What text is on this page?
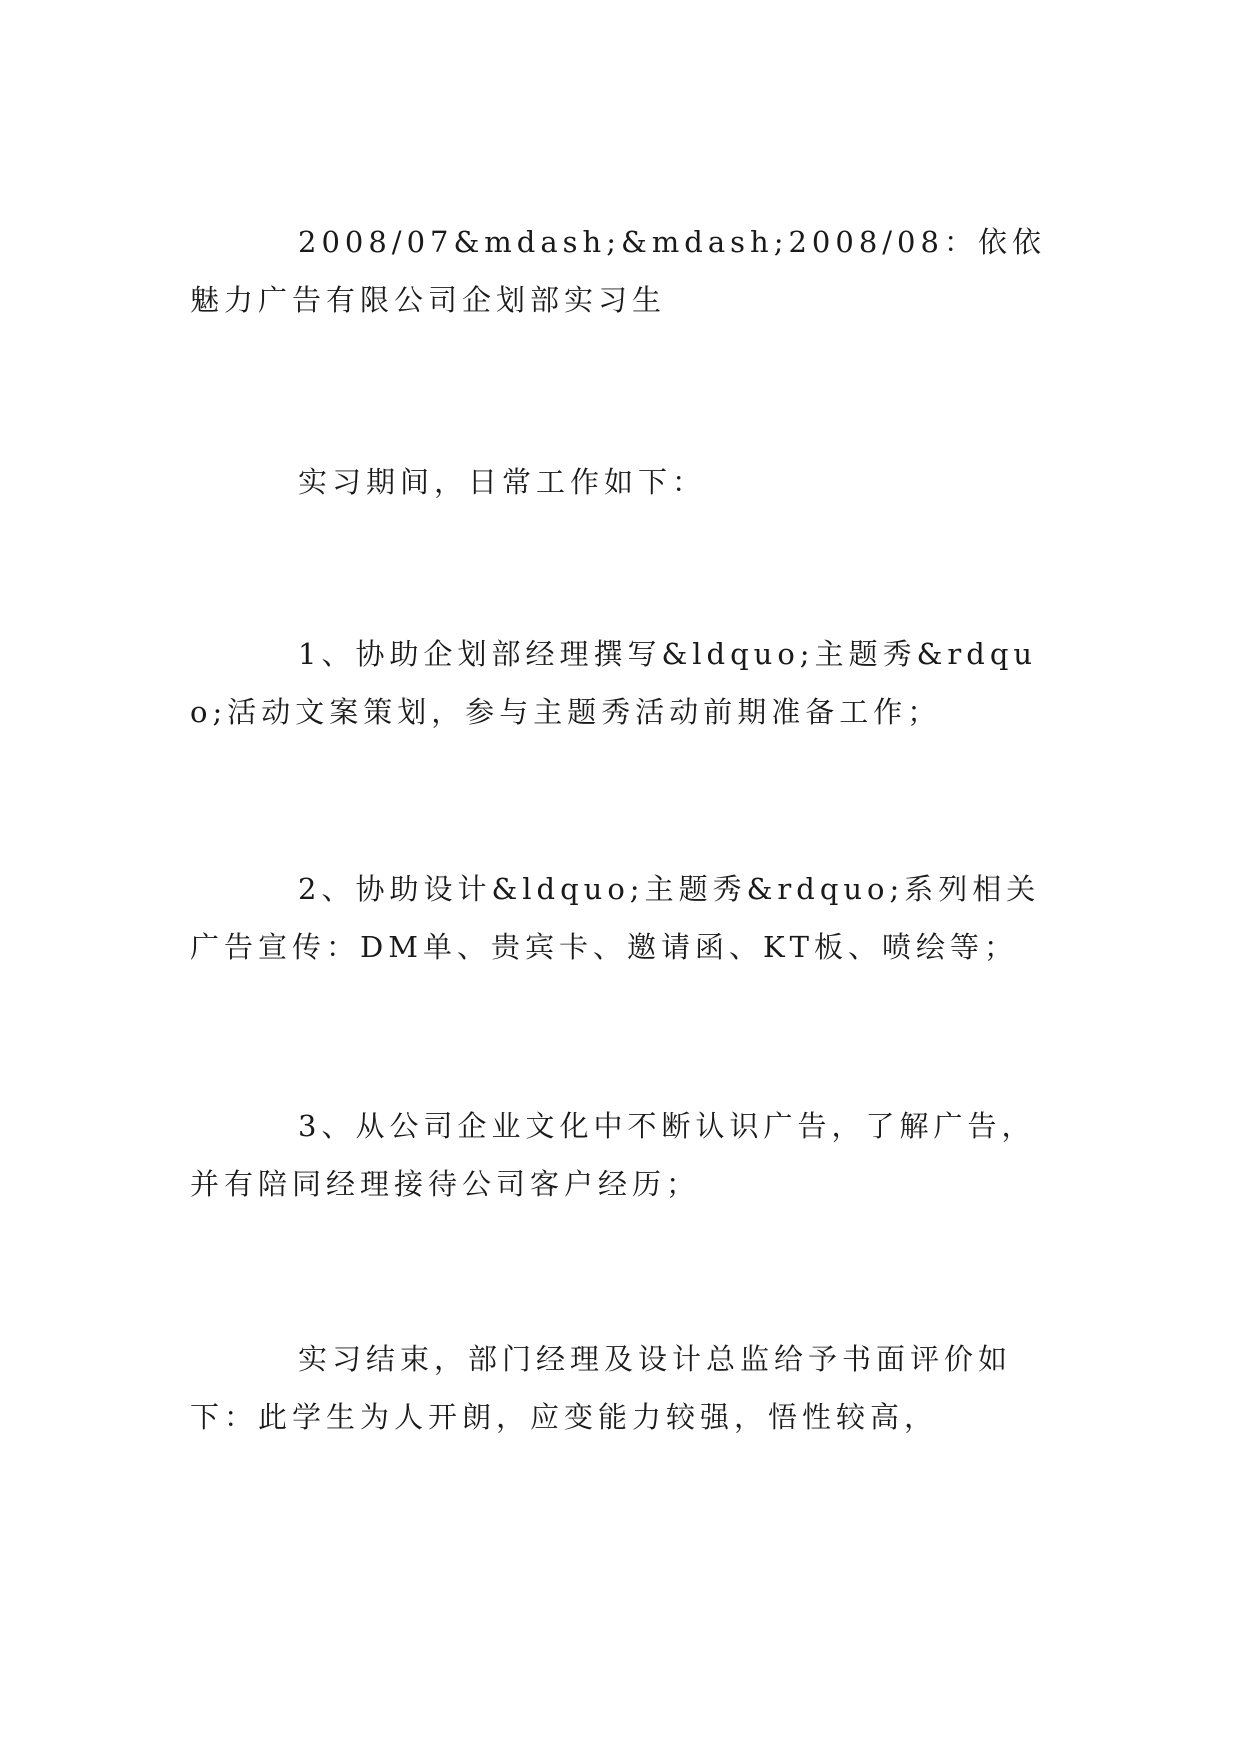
2008/07&mdash;&mdash;2008/08：依依魅力广告有限公司企划部实习生

实习期间，日常工作如下：

1、协助企划部经理撰写&ldquo;主题秀&rdquo;活动文案策划，参与主题秀活动前期准备工作；

2、协助设计&ldquo;主题秀&rdquo;系列相关广告宣传：DM单、贵宾卡、邀请函、KT板、喷绘等；

3、从公司企业文化中不断认识广告，了解广告，并有陪同经理接待公司客户经历；

实习结束，部门经理及设计总监给予书面评价如下：此学生为人开朗，应变能力较强，悟性较高，
